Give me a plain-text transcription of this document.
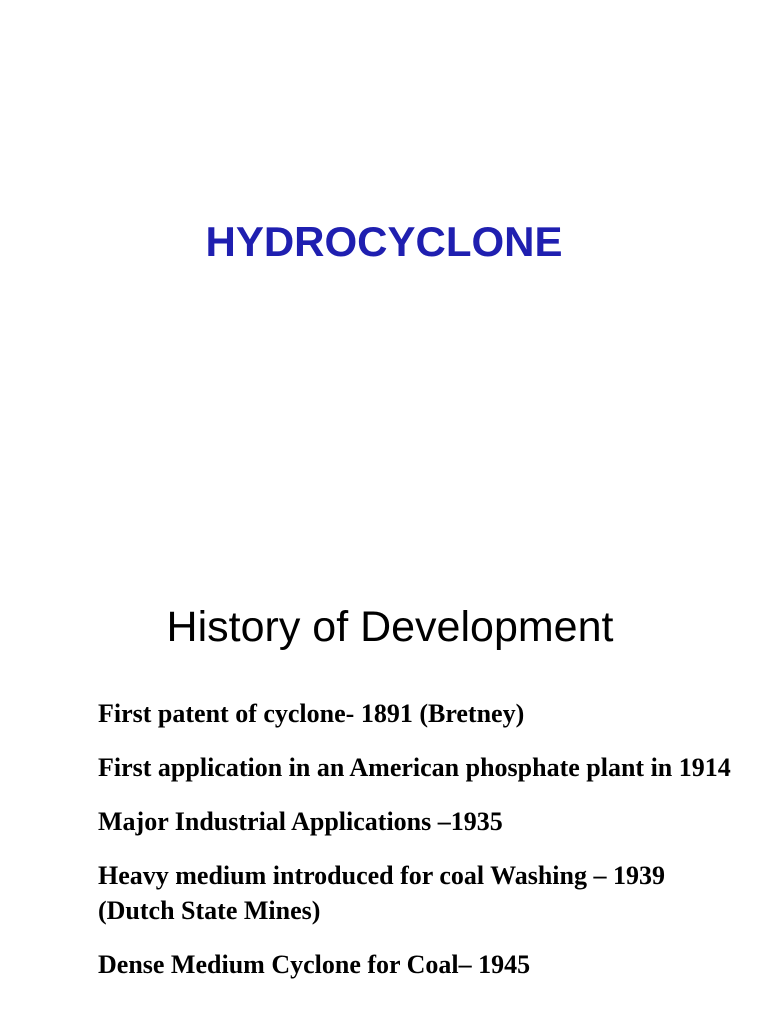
HYDROCYCLONE
History of Development
First patent of cyclone- 1891 (Bretney)
First application in an American phosphate plant in 1914
Major Industrial Applications –1935
Heavy medium introduced for coal Washing – 1939 (Dutch State Mines)
Dense Medium Cyclone for Coal– 1945
